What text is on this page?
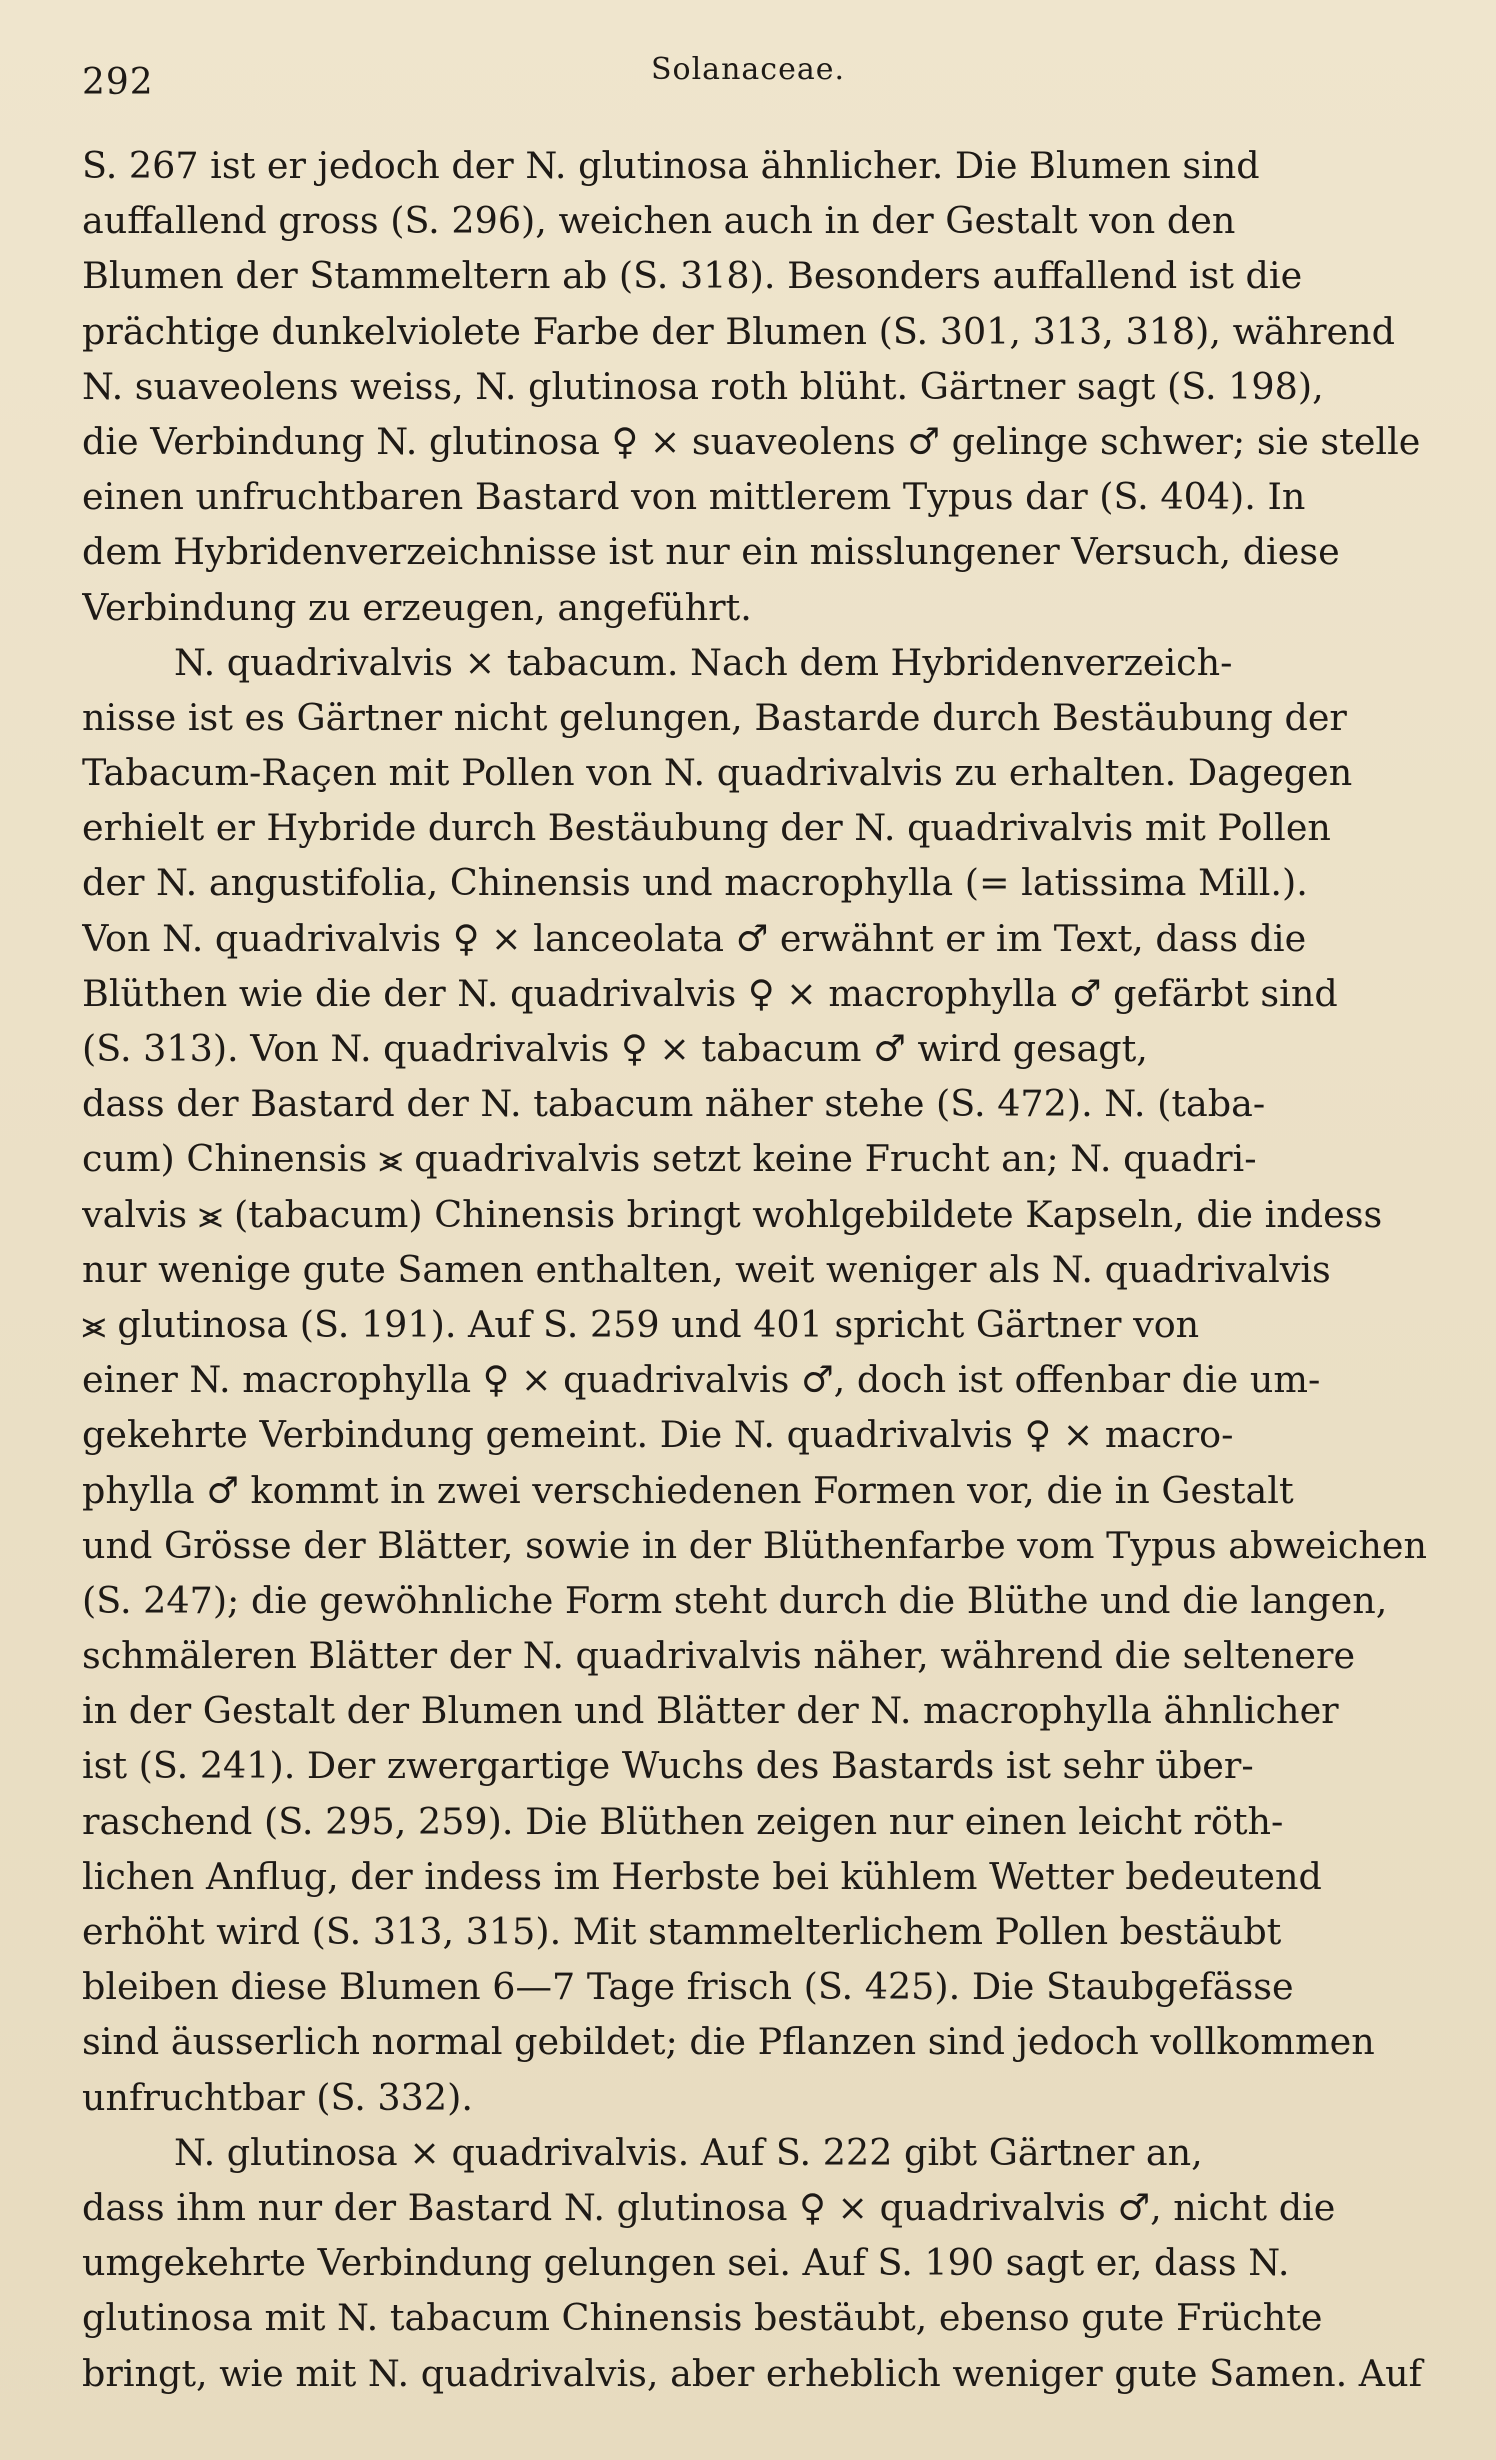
292	Solanaceae.
S. 267 ist er jedoch der N. glutinosa ähnlicher. Die Blumen sind
auffallend gross (S. 296), weichen auch in der Gestalt von den
Blumen der Stammeltern ab (S. 318). Besonders auffallend ist die
prächtige dunkelviolete Farbe der Blumen (S. 301, 313, 318), während
N. suaveolens weiss, N. glutinosa roth blüht. Gärtner sagt (S. 198),
die Verbindung N. glutinosa ♀ × suaveolens ♂ gelinge schwer; sie stelle
einen unfruchtbaren Bastard von mittlerem Typus dar (S. 404). In
dem Hybridenverzeichnisse ist nur ein misslungener Versuch, diese
Verbindung zu erzeugen, angeführt.
N. quadrivalvis × tabacum. Nach dem Hybridenverzeich-
nisse ist es Gärtner nicht gelungen, Bastarde durch Bestäubung der
Tabacum-Raçen mit Pollen von N. quadrivalvis zu erhalten. Dagegen
erhielt er Hybride durch Bestäubung der N. quadrivalvis mit Pollen
der N. angustifolia, Chinensis und macrophylla (= latissima Mill.).
Von N. quadrivalvis ♀ × lanceolata ♂ erwähnt er im Text, dass die
Blüthen wie die der N. quadrivalvis ♀ × macrophylla ♂ gefärbt sind
(S. 313). Von N. quadrivalvis ♀ × tabacum ♂ wird gesagt,
dass der Bastard der N. tabacum näher stehe (S. 472). N. (taba-
cum) Chinensis ⪤ quadrivalvis setzt keine Frucht an; N. quadri-
valvis ⪤ (tabacum) Chinensis bringt wohlgebildete Kapseln, die indess
nur wenige gute Samen enthalten, weit weniger als N. quadrivalvis
⪤ glutinosa (S. 191). Auf S. 259 und 401 spricht Gärtner von
einer N. macrophylla ♀ × quadrivalvis ♂, doch ist offenbar die um-
gekehrte Verbindung gemeint. Die N. quadrivalvis ♀ × macro-
phylla ♂ kommt in zwei verschiedenen Formen vor, die in Gestalt
und Grösse der Blätter, sowie in der Blüthenfarbe vom Typus abweichen
(S. 247); die gewöhnliche Form steht durch die Blüthe und die langen,
schmäleren Blätter der N. quadrivalvis näher, während die seltenere
in der Gestalt der Blumen und Blätter der N. macrophylla ähnlicher
ist (S. 241). Der zwergartige Wuchs des Bastards ist sehr über-
raschend (S. 295, 259). Die Blüthen zeigen nur einen leicht röth-
lichen Anflug, der indess im Herbste bei kühlem Wetter bedeutend
erhöht wird (S. 313, 315). Mit stammelterlichem Pollen bestäubt
bleiben diese Blumen 6—7 Tage frisch (S. 425). Die Staubgefässe
sind äusserlich normal gebildet; die Pflanzen sind jedoch vollkommen
unfruchtbar (S. 332).
N. glutinosa × quadrivalvis. Auf S. 222 gibt Gärtner an,
dass ihm nur der Bastard N. glutinosa ♀ × quadrivalvis ♂, nicht die
umgekehrte Verbindung gelungen sei. Auf S. 190 sagt er, dass N.
glutinosa mit N. tabacum Chinensis bestäubt, ebenso gute Früchte
bringt, wie mit N. quadrivalvis, aber erheblich weniger gute Samen. Auf
